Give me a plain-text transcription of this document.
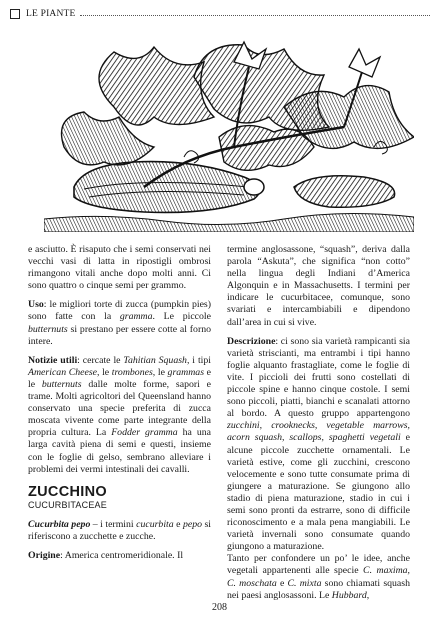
LE PIANTE

e asciutto. È risaputo che i semi conservati nei vecchi vasi di latta in ripostigli ombrosi rimangono vitali anche dopo molti anni. Ci sono quattro o cinque semi per grammo.

Uso: le migliori torte di zucca (pumpkin pies) sono fatte con la gramma. Le piccole butternuts si prestano per essere cotte al forno intere.

Notizie utili: cercate le Tahitian Squash, i tipi American Cheese, le trombones, le grammas e le butternuts dalle molte forme, sapori e trame. Molti agricoltori del Queensland hanno conservato una specie preferita di zucca moscata vivente come parte integrante della propria cultura. La Fodder gramma ha una larga cavità piena di semi e questi, insieme con le foglie di gelso, sembrano alleviare i problemi dei vermi intestinali dei cavalli.

ZUCCHINO
CUCURBITACEAE

Cucurbita pepo – i termini cucurbita e pepo si riferiscono a zucchette e zucche.

Origine: America centromeridionale. Il

termine anglosassone, “squash”, deriva dalla parola “Askuta”, che significa “non cotto” nella lingua degli Indiani d’America Algonquin e in Massachusetts. I termini per indicare le cucurbitacee, comunque, sono svariati e intercambiabili e dipendono dall’area in cui si vive.

Descrizione: ci sono sia varietà rampicanti sia varietà striscianti, ma entrambi i tipi hanno foglie alquanto frastagliate, come le foglie di vite. I piccioli dei frutti sono costellati di piccole spine e hanno cinque costole. I semi sono piccoli, piatti, bianchi e scanalati attorno al bordo. A questo gruppo appartengono zucchini, crooknecks, vegetable marrows, acorn squash, scallops, spaghetti vegetali e alcune piccole zucchette ornamentali. Le varietà estive, come gli zucchini, crescono velocemente e sono tutte consumate prima di giungere a maturazione. Se giungono allo stadio di piena maturazione, stadio in cui i semi sono pronti da estrarre, sono di difficile riconoscimento e a mala pena mangiabili. Le varietà invernali sono consumate quando giungono a maturazione.

Tanto per confondere un po’ le idee, anche vegetali appartenenti alle specie C. maxima, C. moschata e C. mixta sono chiamati squash nei paesi anglosassoni. Le Hubbard,

208
